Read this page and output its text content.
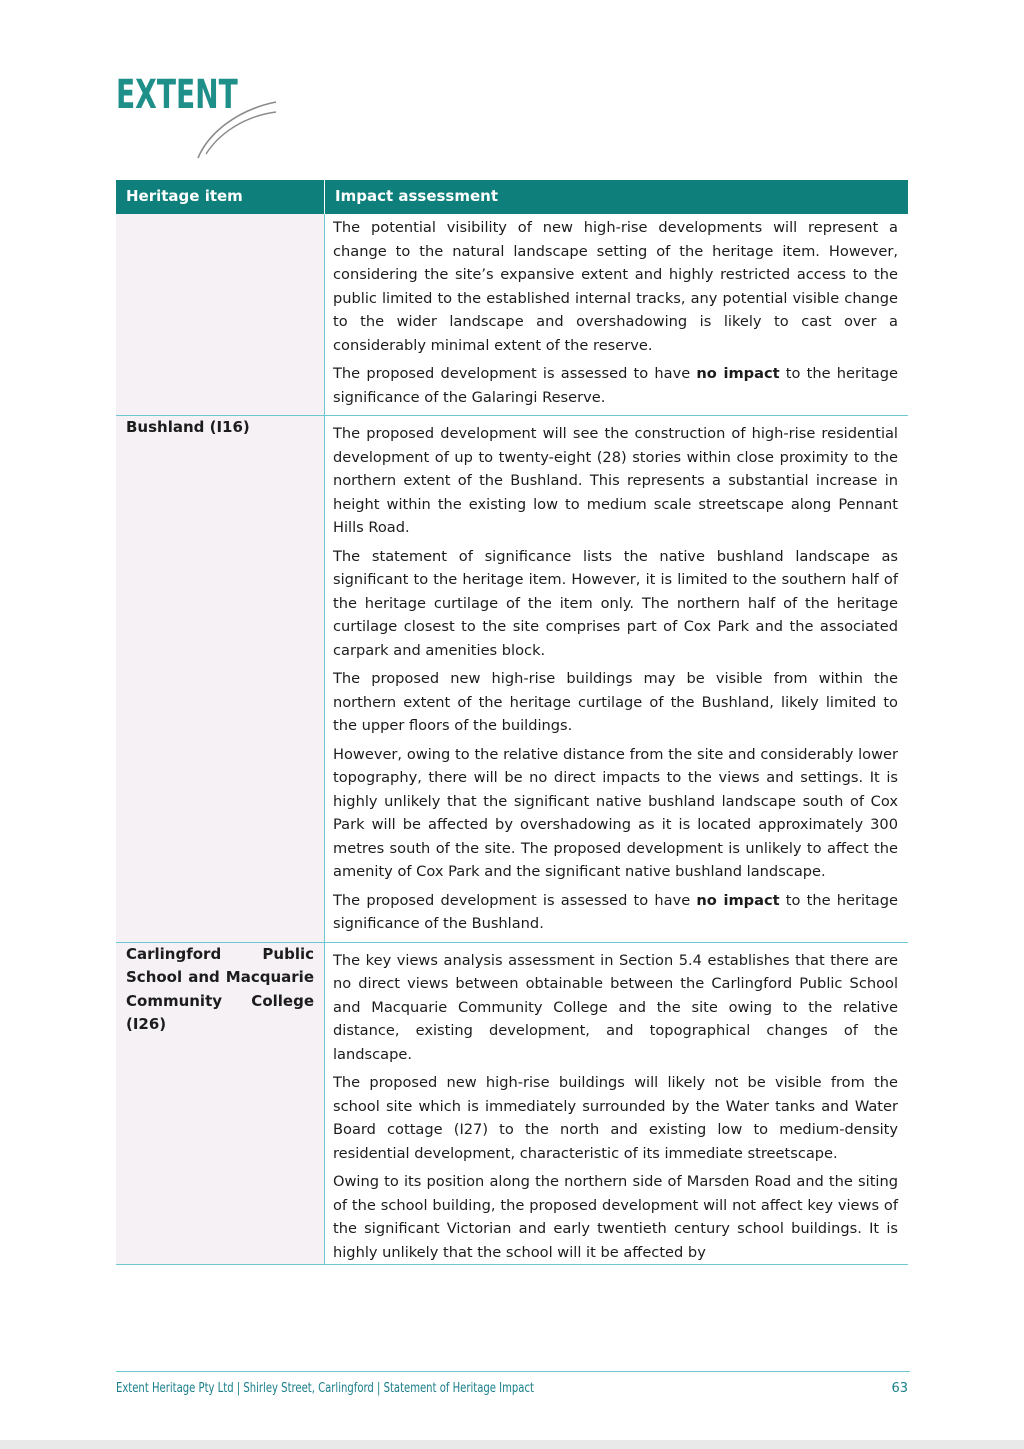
EXTENT
Heritage item	Impact assessment

	The potential visibility of new high-rise developments will represent a change to the natural landscape setting of the heritage item. However, considering the site’s expansive extent and highly restricted access to the public limited to the established internal tracks, any potential visible change to the wider landscape and overshadowing is likely to cast over a considerably minimal extent of the reserve.

The proposed development is assessed to have no impact to the heritage significance of the Galaringi Reserve.

Bushland (I16)	The proposed development will see the construction of high-rise residential development of up to twenty-eight (28) stories within close proximity to the northern extent of the Bushland. This represents a substantial increase in height within the existing low to medium scale streetscape along Pennant Hills Road.

The statement of significance lists the native bushland landscape as significant to the heritage item. However, it is limited to the southern half of the heritage curtilage of the item only. The northern half of the heritage curtilage closest to the site comprises part of Cox Park and the associated carpark and amenities block.

The proposed new high-rise buildings may be visible from within the northern extent of the heritage curtilage of the Bushland, likely limited to the upper floors of the buildings.

However, owing to the relative distance from the site and considerably lower topography, there will be no direct impacts to the views and settings. It is highly unlikely that the significant native bushland landscape south of Cox Park will be affected by overshadowing as it is located approximately 300 metres south of the site. The proposed development is unlikely to affect the amenity of Cox Park and the significant native bushland landscape.

The proposed development is assessed to have no impact to the heritage significance of the Bushland.

Carlingford Public School and Macquarie Community College (I26)	The key views analysis assessment in Section 5.4 establishes that there are no direct views between obtainable between the Carlingford Public School and Macquarie Community College and the site owing to the relative distance, existing development, and topographical changes of the landscape.

The proposed new high-rise buildings will likely not be visible from the school site which is immediately surrounded by the Water tanks and Water Board cottage (I27) to the north and existing low to medium-density residential development, characteristic of its immediate streetscape.

Owing to its position along the northern side of Marsden Road and the siting of the school building, the proposed development will not affect key views of the significant Victorian and early twentieth century school buildings. It is highly unlikely that the school will it be affected by

Extent Heritage Pty Ltd | Shirley Street, Carlingford | Statement of Heritage Impact	63
